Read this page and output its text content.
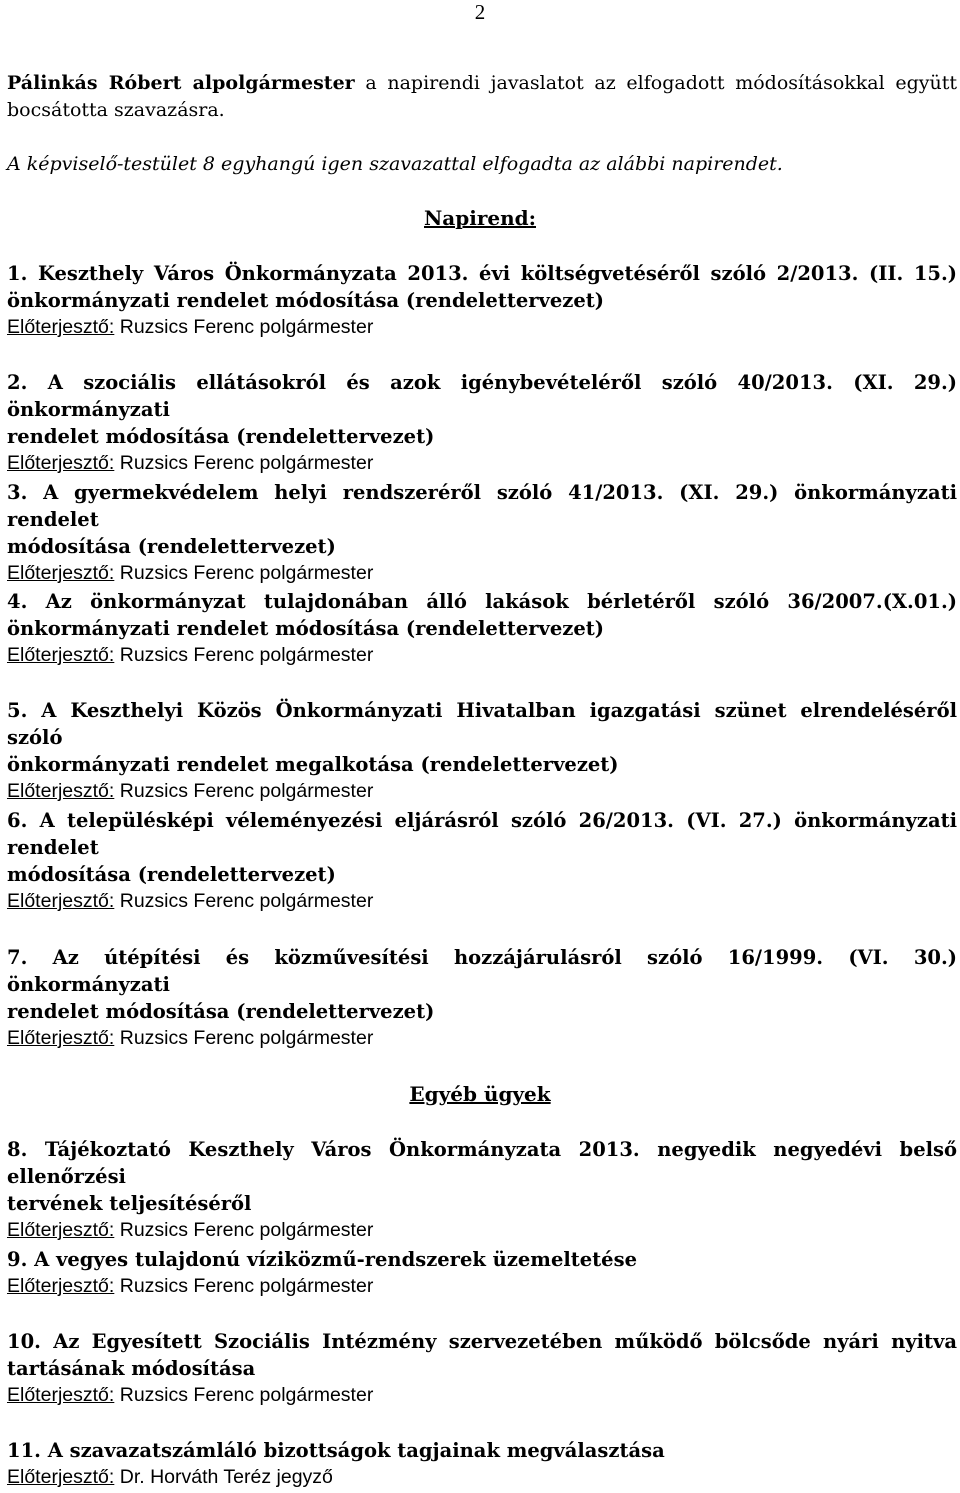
2
Pálinkás Róbert alpolgármester a napirendi javaslatot az elfogadott módosításokkal együtt bocsátotta szavazásra.
A képviselő-testület 8 egyhangú igen szavazattal elfogadta az alábbi napirendet.
Napirend:
1. Keszthely Város Önkormányzata 2013. évi költségvetéséről szóló 2/2013. (II. 15.)
önkormányzati rendelet módosítása (rendelettervezet)
Előterjesztő: Ruzsics Ferenc polgármester
2. A szociális ellátásokról és azok igénybevételéről szóló 40/2013. (XI. 29.) önkormányzati
rendelet módosítása (rendelettervezet)
Előterjesztő: Ruzsics Ferenc polgármester
3. A gyermekvédelem helyi rendszeréről szóló 41/2013. (XI. 29.) önkormányzati rendelet
módosítása (rendelettervezet)
Előterjesztő: Ruzsics Ferenc polgármester
4. Az önkormányzat tulajdonában álló lakások bérletéről szóló 36/2007.(X.01.)
önkormányzati rendelet módosítása (rendelettervezet)
Előterjesztő: Ruzsics Ferenc polgármester
5. A Keszthelyi Közös Önkormányzati Hivatalban igazgatási szünet elrendeléséről szóló
önkormányzati rendelet megalkotása (rendelettervezet)
Előterjesztő: Ruzsics Ferenc polgármester
6. A településképi véleményezési eljárásról szóló 26/2013. (VI. 27.) önkormányzati rendelet
módosítása (rendelettervezet)
Előterjesztő: Ruzsics Ferenc polgármester
7. Az útépítési és közművesítési hozzájárulásról szóló 16/1999. (VI. 30.) önkormányzati
rendelet módosítása (rendelettervezet)
Előterjesztő: Ruzsics Ferenc polgármester
Egyéb ügyek
8. Tájékoztató Keszthely Város Önkormányzata 2013. negyedik negyedévi belső ellenőrzési
tervének teljesítéséről
Előterjesztő: Ruzsics Ferenc polgármester
9. A vegyes tulajdonú víziközmű-rendszerek üzemeltetése
Előterjesztő: Ruzsics Ferenc polgármester
10. Az Egyesített Szociális Intézmény szervezetében működő bölcsőde nyári nyitva
tartásának módosítása
Előterjesztő: Ruzsics Ferenc polgármester
11. A szavazatszámláló bizottságok tagjainak megválasztása
Előterjesztő: Dr. Horváth Teréz jegyző
